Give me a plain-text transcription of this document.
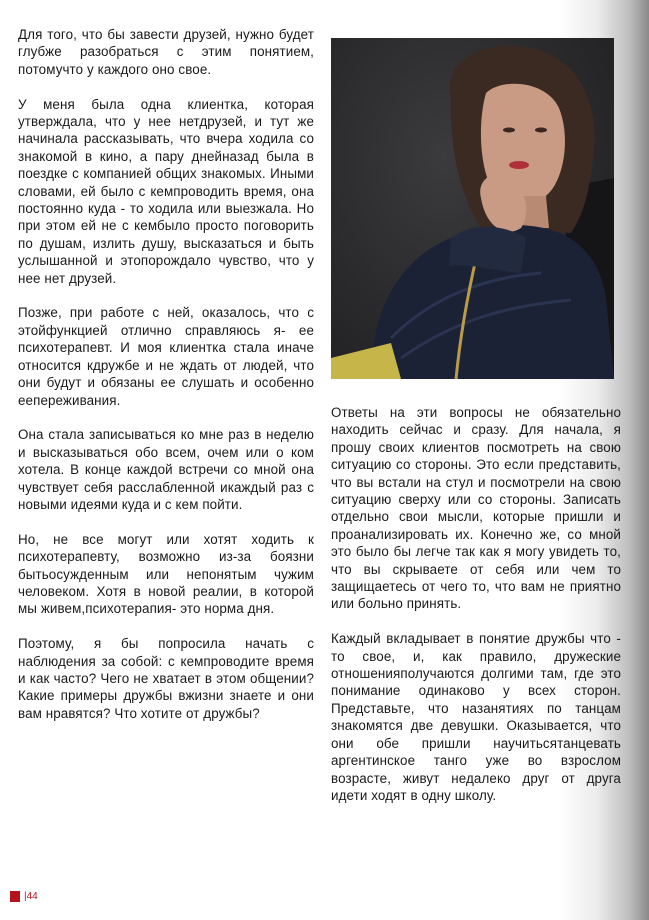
Для того, что бы завести друзей, нужно будет глубже разобраться с этим понятием, потомучто у каждого оно свое.

У меня была одна клиентка, которая утверждала, что у нее нетдрузей, и тут же начинала рассказывать, что вчера ходила со знакомой в кино, а пару днейназад была в поездке с компанией общих знакомых. Иными словами, ей было с кемпроводить время, она постоянно куда - то ходила или выезжала. Но при этом ей не с кембыло просто поговорить по душам, излить душу, высказаться и быть услышанной и этопорождало чувство, что у нее нет друзей.

Позже, при работе с ней, оказалось, что с этойфункцией отлично справляюсь я- ее психотерапевт. И моя клиентка стала иначе относится кдружбе и не ждать от людей, что они будут и обязаны ее слушать и особенно еепереживания.

Она стала записываться ко мне раз в неделю и высказываться обо всем, очем или о ком хотела. В конце каждой встречи со мной она чувствует себя расслабленной икаждый раз с новыми идеями куда и с кем пойти.

Но, не все могут или хотят ходить к психотерапевту, возможно из-за боязни бытьосужденным или непонятым чужим человеком. Хотя в новой реалии, в которой мы живем,психотерапия- это норма дня.

Поэтому, я бы попросила начать с наблюдения за собой: с кемпроводите время и как часто? Чего не хватает в этом общении? Какие примеры дружбы вжизни знаете и они вам нравятся? Что хотите от дружбы?

Ответы на эти вопросы не обязательно находить сейчас и сразу. Для начала, я прошу своих клиентов посмотреть на свою ситуацию со стороны. Это если представить, что вы встали на стул и посмотрели на свою ситуацию сверху или со стороны. Записать отдельно свои мысли, которые пришли и проанализировать их. Конечно же, со мной это было бы легче так как я могу увидеть то, что вы скрываете от себя или чем то защищаетесь от чего то, что вам не приятно или больно принять.

Каждый вкладывает в понятие дружбы что - то свое, и, как правило, дружеские отношенияполучаются долгими там, где это понимание одинаково у всех сторон. Представьте, что назанятиях по танцам знакомятся две девушки. Оказывается, что они обе пришли научитьсятанцевать аргентинское танго уже во взрослом возрасте, живут недалеко друг от друга идети ходят в одну школу.

|44
